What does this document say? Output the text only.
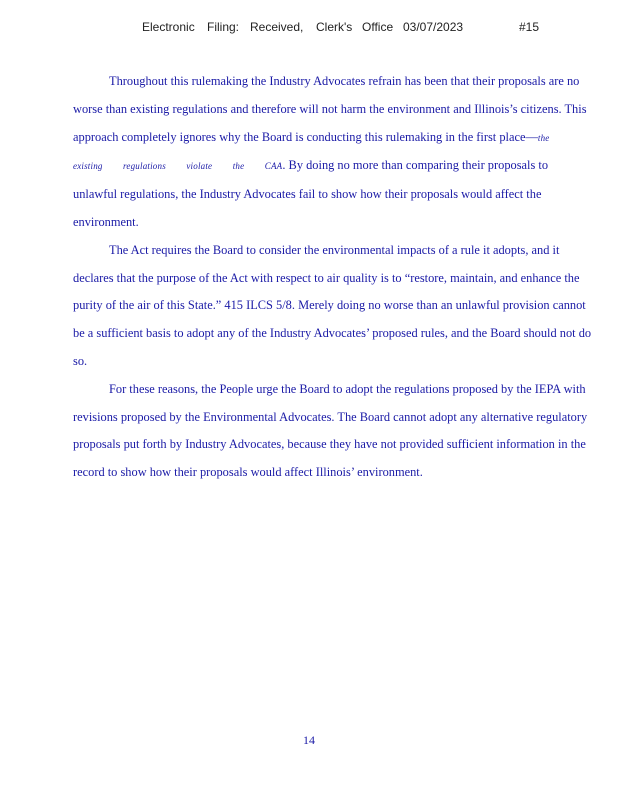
Electronic Filing: Received, Clerk's Office 03/07/2023	#15

Throughout this rulemaking the Industry Advocates refrain has been that their proposals are no worse than existing regulations and therefore will not harm the environment and Illinois’s citizens. This approach completely ignores why the Board is conducting this rulemaking in the first place—the existing regulations violate the CAA. By doing no more than comparing their proposals to unlawful regulations, the Industry Advocates fail to show how their proposals would affect the environment.

The Act requires the Board to consider the environmental impacts of a rule it adopts, and it declares that the purpose of the Act with respect to air quality is to “restore, maintain, and enhance the purity of the air of this State.” 415 ILCS 5/8. Merely doing no worse than an unlawful provision cannot be a sufficient basis to adopt any of the Industry Advocates’ proposed rules, and the Board should not do so.

For these reasons, the People urge the Board to adopt the regulations proposed by the IEPA with revisions proposed by the Environmental Advocates. The Board cannot adopt any alternative regulatory proposals put forth by Industry Advocates, because they have not provided sufficient information in the record to show how their proposals would affect Illinois’ environment.

14
